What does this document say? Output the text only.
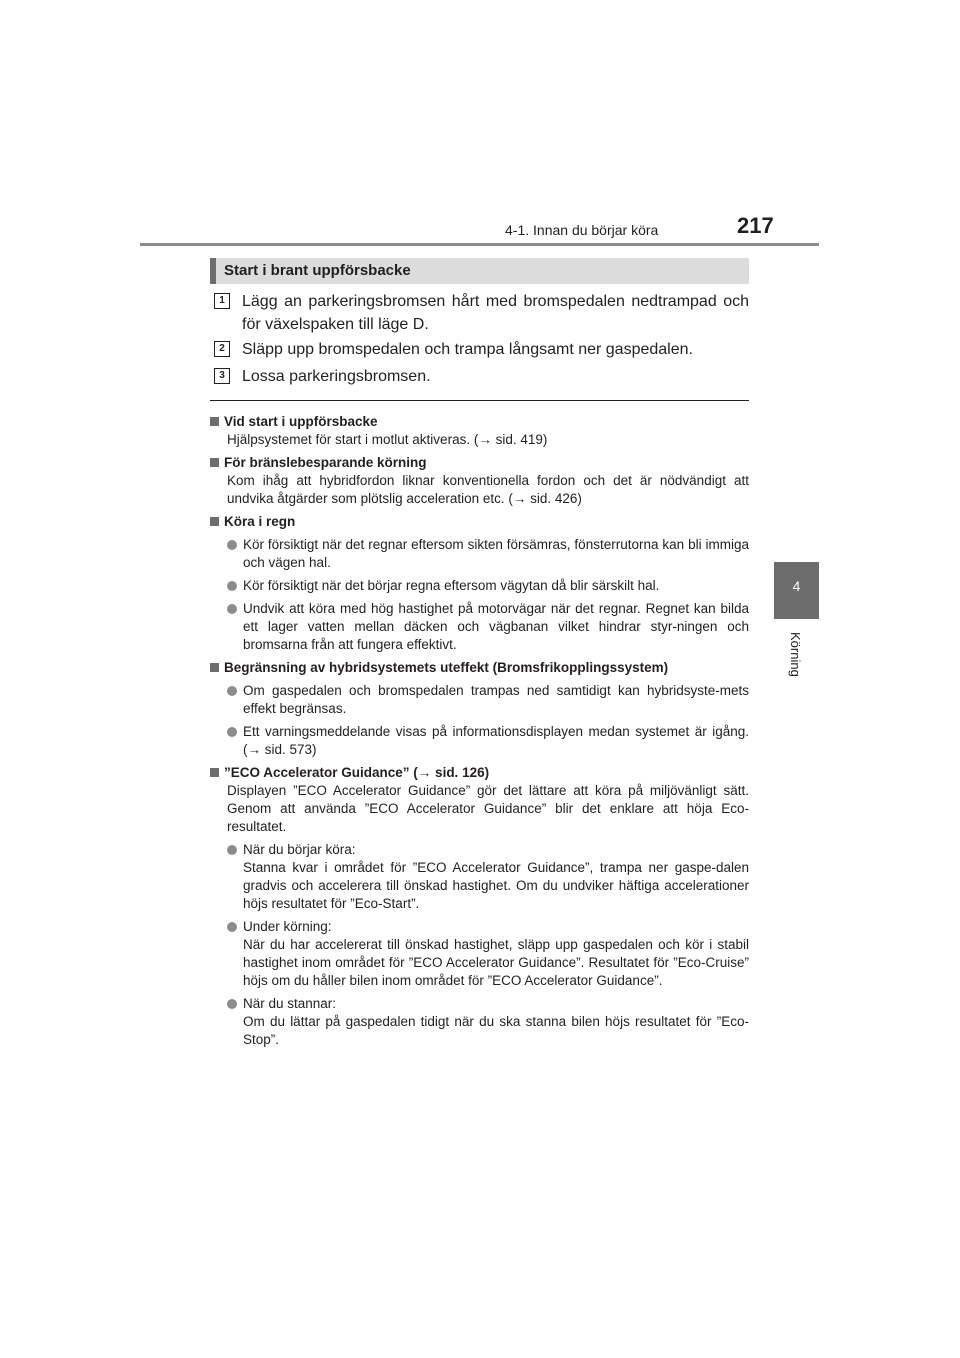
4-1. Innan du börjar köra	217
4
Körning
Start i brant uppförsbacke
1	Lägg an parkeringsbromsen hårt med bromspedalen nedtrampad och för växelspaken till läge D.
2	Släpp upp bromspedalen och trampa långsamt ner gaspedalen.
3	Lossa parkeringsbromsen.
Vid start i uppförsbacke
Hjälpsystemet för start i motlut aktiveras. (→ sid. 419)
För bränslebesparande körning
Kom ihåg att hybridfordon liknar konventionella fordon och det är nödvändigt att undvika åtgärder som plötslig acceleration etc. (→ sid. 426)
Köra i regn
Kör försiktigt när det regnar eftersom sikten försämras, fönsterrutorna kan bli immiga och vägen hal.
Kör försiktigt när det börjar regna eftersom vägytan då blir särskilt hal.
Undvik att köra med hög hastighet på motorvägar när det regnar. Regnet kan bilda ett lager vatten mellan däcken och vägbanan vilket hindrar styr-ningen och bromsarna från att fungera effektivt.
Begränsning av hybridsystemets uteffekt (Bromsfrikopplingssystem)
Om gaspedalen och bromspedalen trampas ned samtidigt kan hybridsyste-mets effekt begränsas.
Ett varningsmeddelande visas på informationsdisplayen medan systemet är igång. (→ sid. 573)
”ECO Accelerator Guidance” (→ sid. 126)
Displayen ”ECO Accelerator Guidance” gör det lättare att köra på miljövänligt sätt. Genom att använda ”ECO Accelerator Guidance” blir det enklare att höja Eco-resultatet.
När du börjar köra:
Stanna kvar i området för ”ECO Accelerator Guidance”, trampa ner gaspe-dalen gradvis och accelerera till önskad hastighet. Om du undviker häftiga accelerationer höjs resultatet för ”Eco-Start”.
Under körning:
När du har accelererat till önskad hastighet, släpp upp gaspedalen och kör i stabil hastighet inom området för ”ECO Accelerator Guidance”. Resultatet för ”Eco-Cruise” höjs om du håller bilen inom området för ”ECO Accelerator Guidance”.
När du stannar:
Om du lättar på gaspedalen tidigt när du ska stanna bilen höjs resultatet för ”Eco-Stop”.
